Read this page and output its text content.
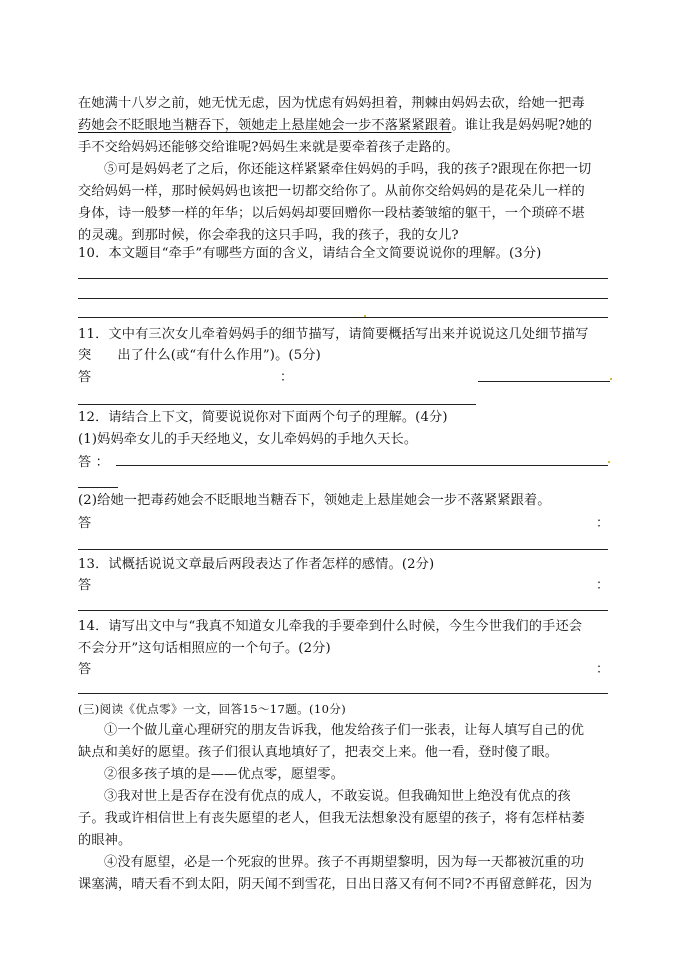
在她满十八岁之前，她无忧无虑，因为忧虑有妈妈担着，荆棘由妈妈去砍，给她一把毒
药她会不眨眼地当糖吞下，领她走上悬崖她会一步不落紧紧跟着。谁让我是妈妈呢?她的
手不交给妈妈还能够交给谁呢?妈妈生来就是要牵着孩子走路的。
⑤可是妈妈老了之后，你还能这样紧紧牵住妈妈的手吗，我的孩子?跟现在你把一切
交给妈妈一样，那时候妈妈也该把一切都交给你了。从前你交给妈妈的是花朵儿一样的
身体，诗一般梦一样的年华；以后妈妈却要回赠你一段枯萎皱缩的躯干，一个琐碎不堪
的灵魂。到那时候，你会牵我的这只手吗，我的孩子，我的女儿?
10．本文题目“牵手”有哪些方面的含义，请结合全文简要说说你的理解。(3分)
11．文中有三次女儿牵着妈妈手的细节描写，请简要概括写出来并说说这几处细节描写
突 出了什么(或“有什么作用”)。(5分)
答	：
12．请结合上下文，简要说说你对下面两个句子的理解。(4分)
(1)妈妈牵女儿的手天经地义，女儿牵妈妈的手地久天长。
答 ：
(2)给她一把毒药她会不眨眼地当糖吞下，领她走上悬崖她会一步不落紧紧跟着。
答	：
13．试概括说说文章最后两段表达了作者怎样的感情。(2分)
答	：
14．请写出文中与“我真不知道女儿牵我的手要牵到什么时候，今生今世我们的手还会
不会分开”这句话相照应的一个句子。(2分)
答	：
(三)阅读《优点零》一文，回答15～17题。(10分)
①一个做儿童心理研究的朋友告诉我，他发给孩子们一张表，让每人填写自己的优
缺点和美好的愿望。孩子们很认真地填好了，把表交上来。他一看，登时傻了眼。
②很多孩子填的是——优点零，愿望零。
③我对世上是否存在没有优点的成人，不敢妄说。但我确知世上绝没有优点的孩
子。我或许相信世上有丧失愿望的老人，但我无法想象没有愿望的孩子，将有怎样枯萎
的眼神。
④没有愿望，必是一个死寂的世界。孩子不再期望黎明，因为每一天都被沉重的功
课塞满，晴天看不到太阳，阴天闻不到雪花，日出日落又有何不同?不再留意鲜花，因为
